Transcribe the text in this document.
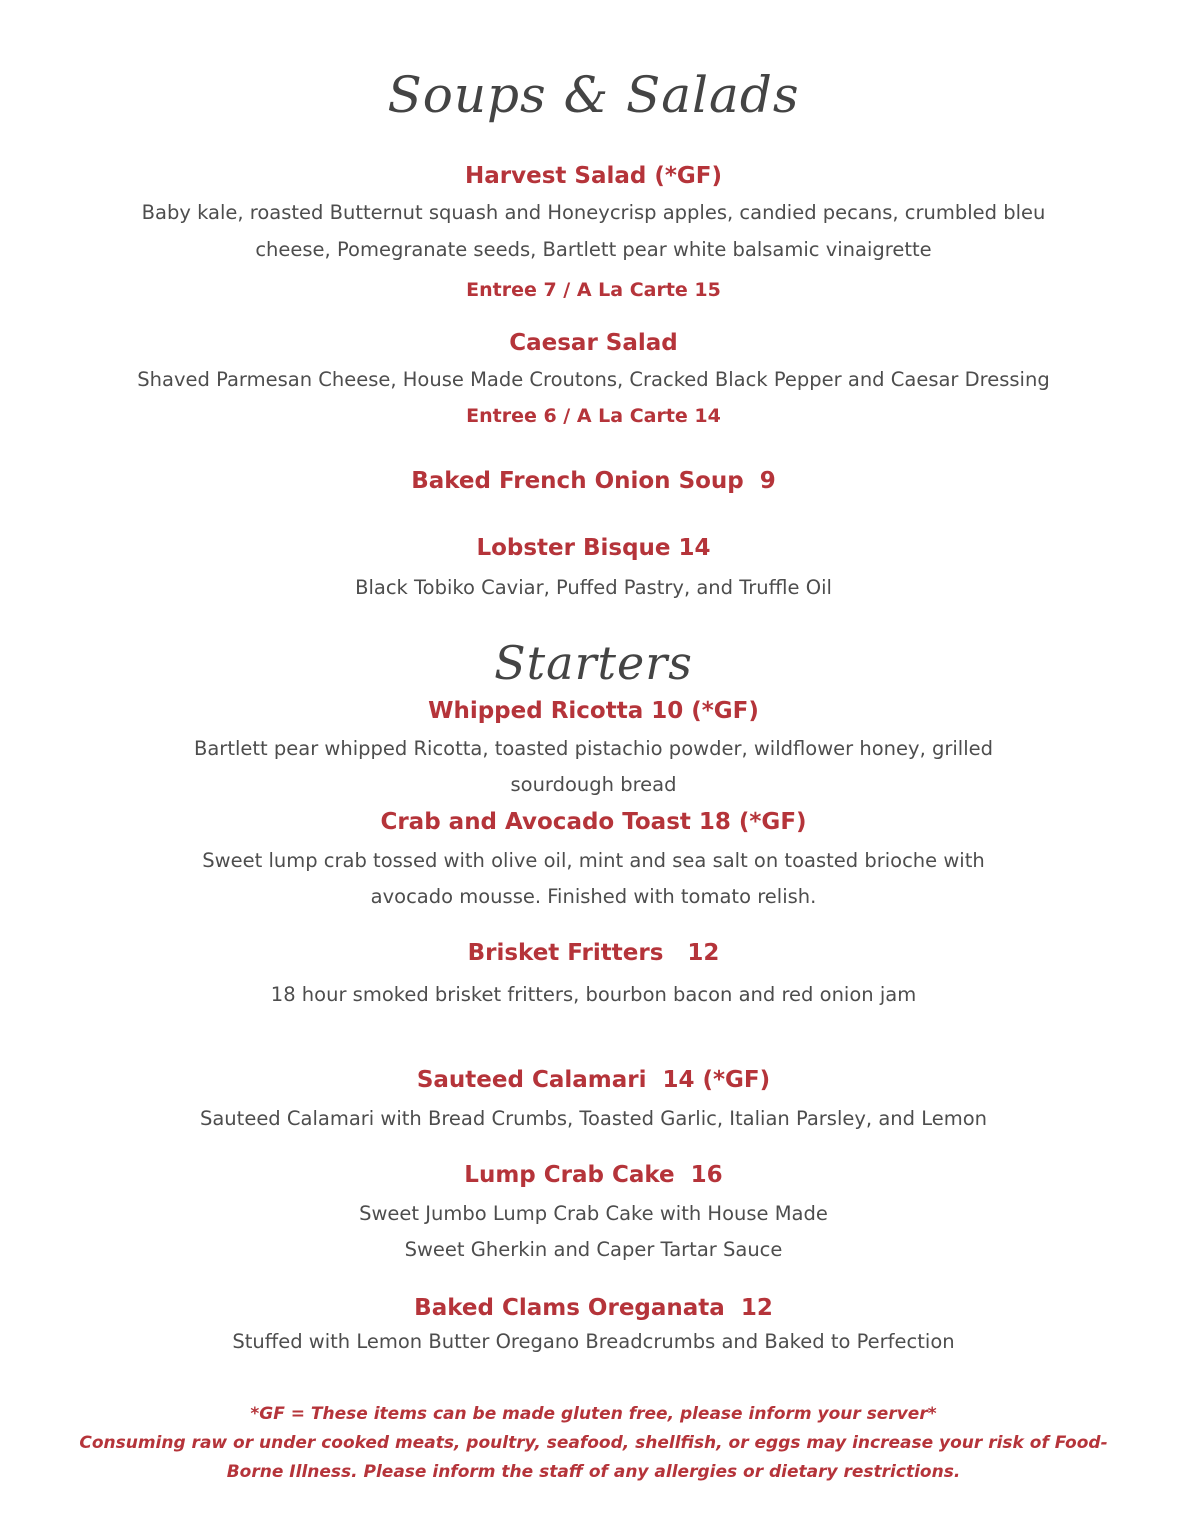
Soups & Salads
Harvest Salad (*GF)
Baby kale, roasted Butternut squash and Honeycrisp apples, candied pecans, crumbled bleu
cheese, Pomegranate seeds, Bartlett pear white balsamic vinaigrette
Entree 7 / A La Carte 15
Caesar Salad
Shaved Parmesan Cheese, House Made Croutons, Cracked Black Pepper and Caesar Dressing
Entree 6 / A La Carte 14
Baked French Onion Soup  9
Lobster Bisque 14
Black Tobiko Caviar, Puffed Pastry, and Truffle Oil
Starters
Whipped Ricotta 10 (*GF)
Bartlett pear whipped Ricotta, toasted pistachio powder, wildflower honey, grilled
sourdough bread
Crab and Avocado Toast 18 (*GF)
Sweet lump crab tossed with olive oil, mint and sea salt on toasted brioche with
avocado mousse. Finished with tomato relish.
Brisket Fritters   12
18 hour smoked brisket fritters, bourbon bacon and red onion jam
Sauteed Calamari  14 (*GF)
Sauteed Calamari with Bread Crumbs, Toasted Garlic, Italian Parsley, and Lemon
Lump Crab Cake  16
Sweet Jumbo Lump Crab Cake with House Made
Sweet Gherkin and Caper Tartar Sauce
Baked Clams Oreganata  12
Stuffed with Lemon Butter Oregano Breadcrumbs and Baked to Perfection
*GF = These items can be made gluten free, please inform your server*
Consuming raw or under cooked meats, poultry, seafood, shellfish, or eggs may increase your risk of Food-
Borne Illness. Please inform the staff of any allergies or dietary restrictions.
